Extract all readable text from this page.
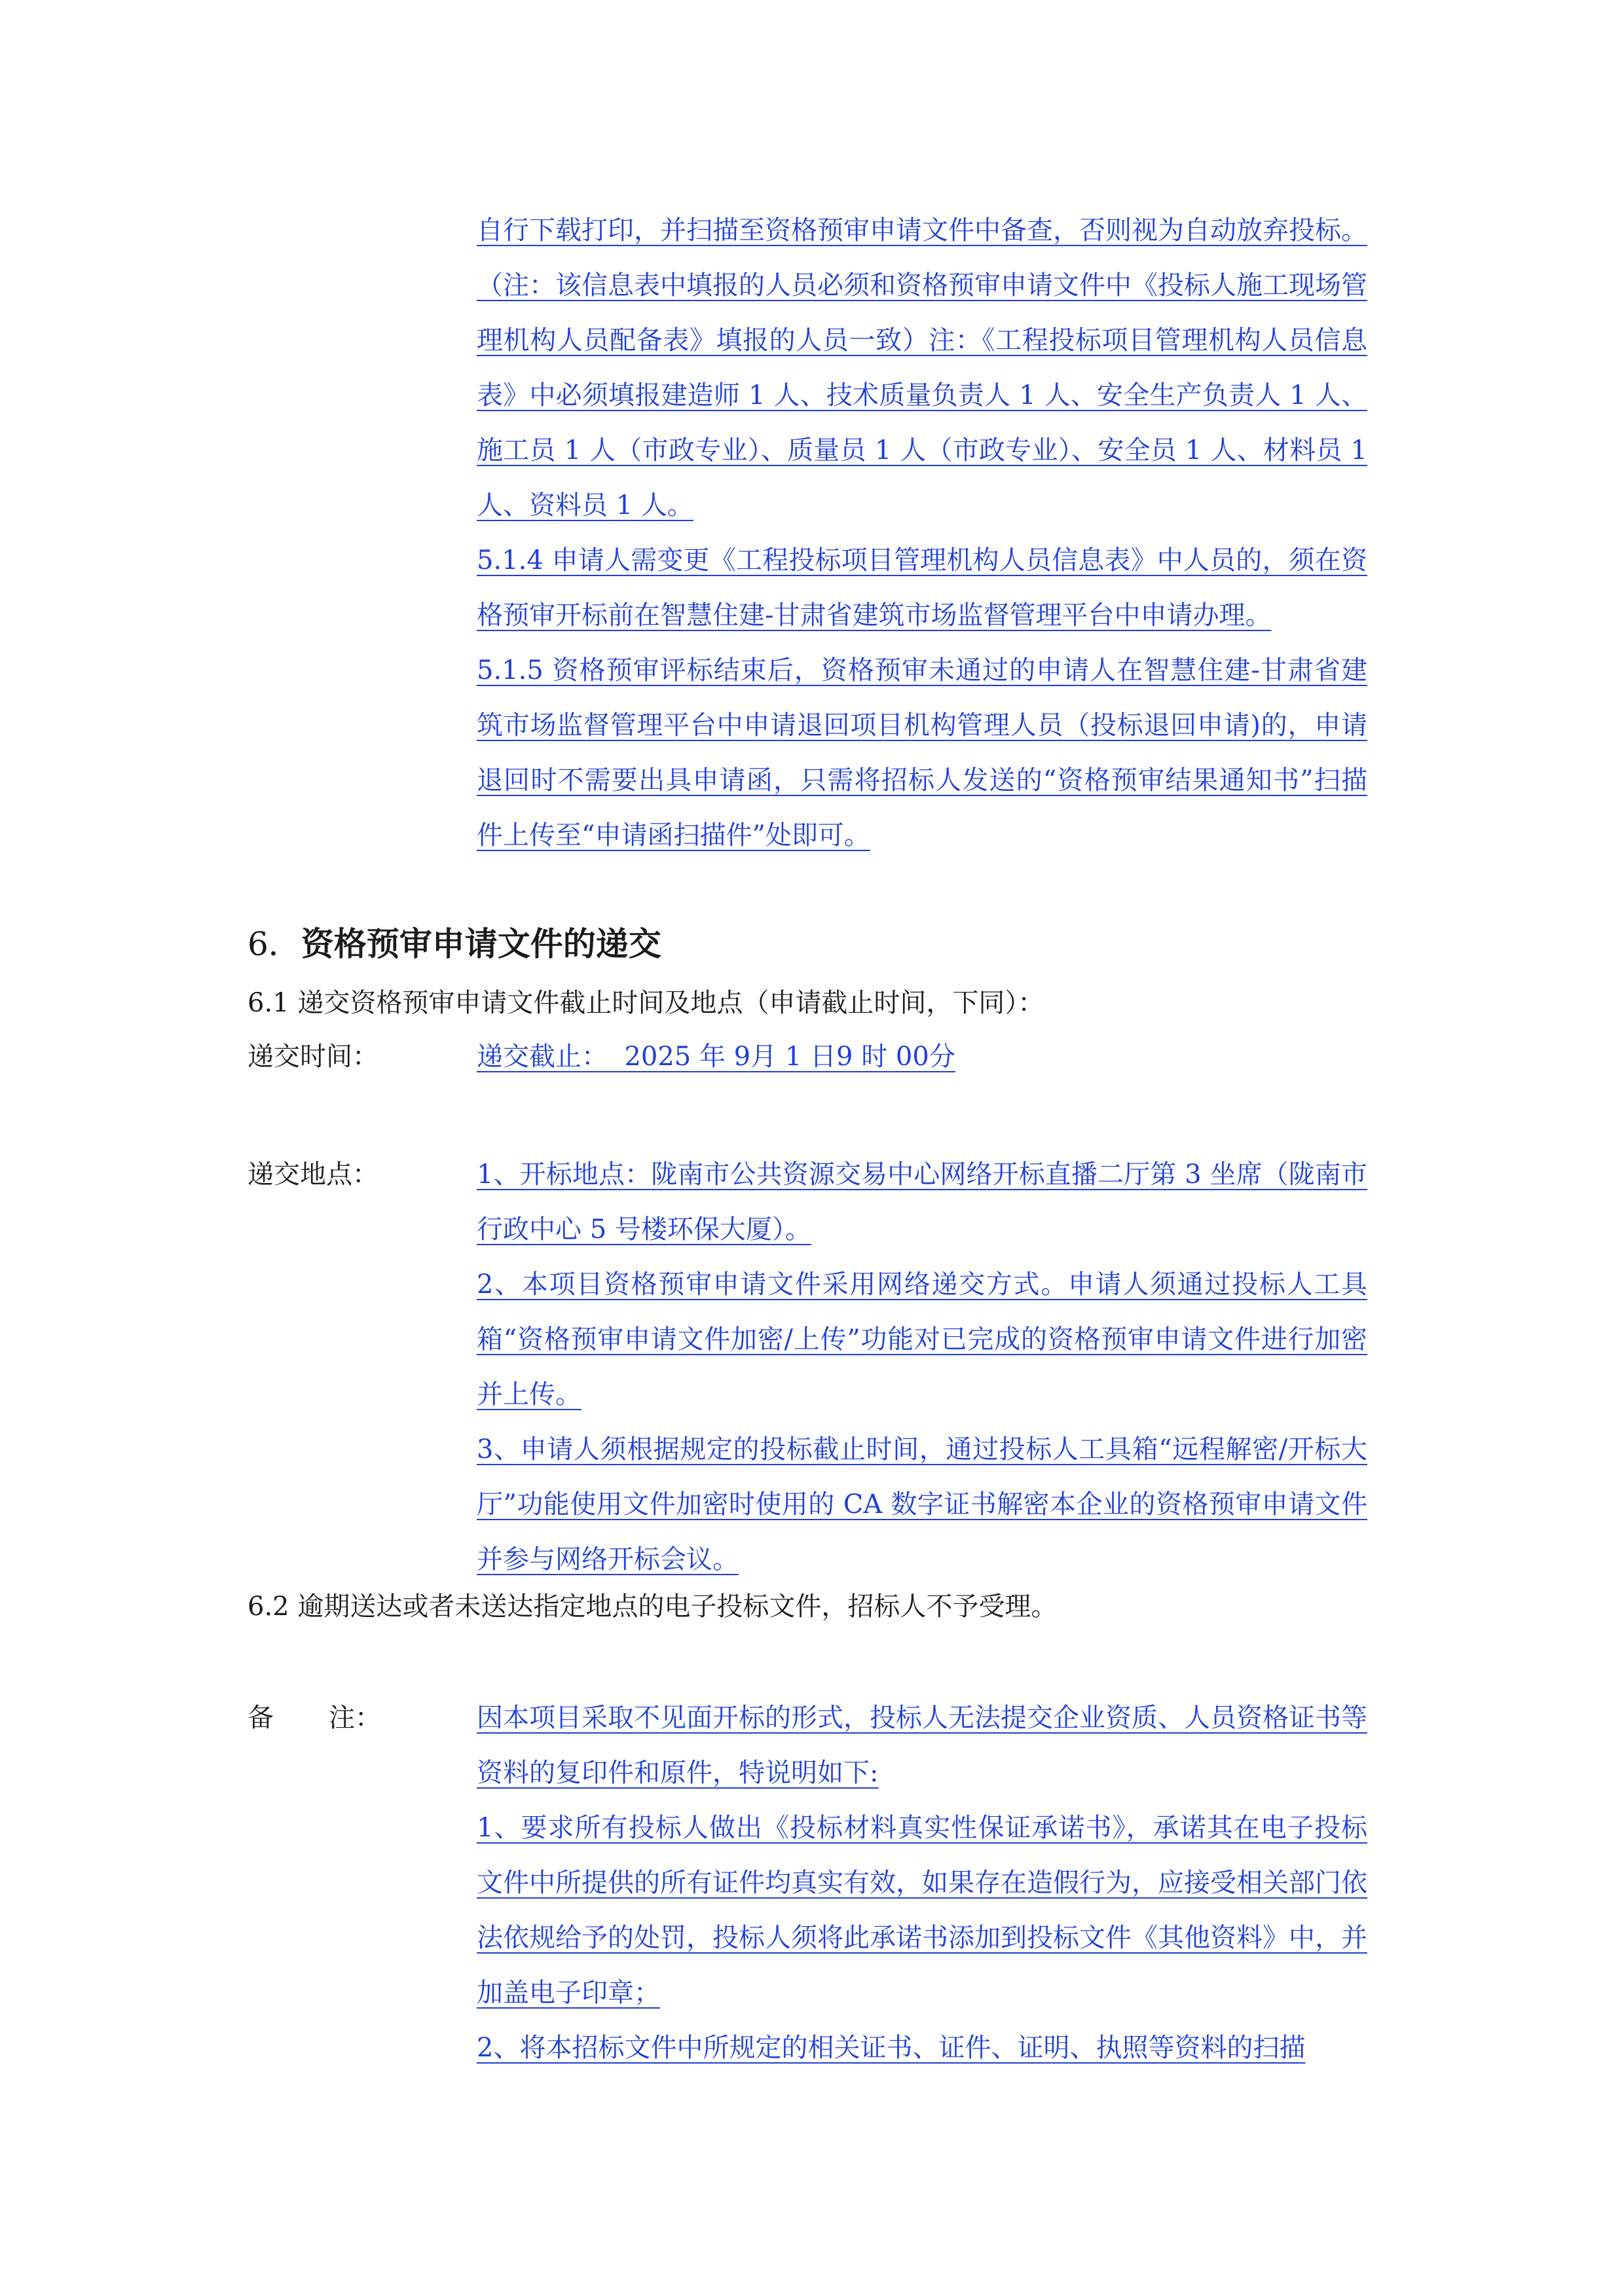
自行下载打印，并扫描至资格预审申请文件中备查，否则视为自动放弃投标。（注：该信息表中填报的人员必须和资格预审申请文件中《投标人施工现场管理机构人员配备表》填报的人员一致）注：《工程投标项目管理机构人员信息表》中必须填报建造师 1 人、技术质量负责人 1 人、安全生产负责人 1 人、施工员 1 人（市政专业）、质量员 1 人（市政专业）、安全员 1 人、材料员 1 人、资料员 1 人。

5.1.4 申请人需变更《工程投标项目管理机构人员信息表》中人员的，须在资格预审开标前在智慧住建-甘肃省建筑市场监督管理平台中申请办理。

5.1.5 资格预审评标结束后，资格预审未通过的申请人在智慧住建-甘肃省建筑市场监督管理平台中申请退回项目机构管理人员（投标退回申请)的，申请退回时不需要出具申请函，只需将招标人发送的“资格预审结果通知书”扫描件上传至“申请函扫描件”处即可。

6．资格预审申请文件的递交
6.1 递交资格预审申请文件截止时间及地点（申请截止时间，下同）：
递交时间：	递交截止： 2025 年 9月 1 日9 时 00分
递交地点：	1、开标地点：陇南市公共资源交易中心网络开标直播二厅第 3 坐席（陇南市行政中心 5 号楼环保大厦）。

2、本项目资格预审申请文件采用网络递交方式。申请人须通过投标人工具箱“资格预审申请文件加密/上传”功能对已完成的资格预审申请文件进行加密并上传。

3、申请人须根据规定的投标截止时间，通过投标人工具箱“远程解密/开标大厅”功能使用文件加密时使用的 CA 数字证书解密本企业的资格预审申请文件并参与网络开标会议。

6.2 逾期送达或者未送达指定地点的电子投标文件，招标人不予受理。
备 注：	因本项目采取不见面开标的形式，投标人无法提交企业资质、人员资格证书等资料的复印件和原件，特说明如下:

1、要求所有投标人做出《投标材料真实性保证承诺书》，承诺其在电子投标文件中所提供的所有证件均真实有效，如果存在造假行为，应接受相关部门依法依规给予的处罚，投标人须将此承诺书添加到投标文件《其他资料》中，并加盖电子印章；

2、将本招标文件中所规定的相关证书、证件、证明、执照等资料的扫描
